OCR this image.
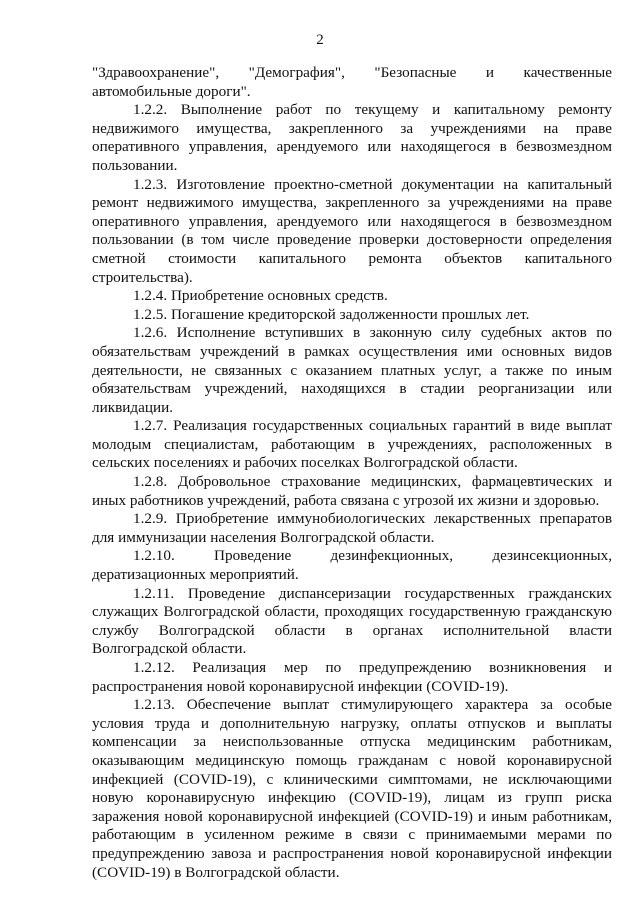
2

"Здравоохранение", "Демография", "Безопасные и качественные автомобильные дороги".

1.2.2. Выполнение работ по текущему и капитальному ремонту недвижимого имущества, закрепленного за учреждениями на праве оперативного управления, арендуемого или находящегося в безвозмездном пользовании.

1.2.3. Изготовление проектно-сметной документации на капитальный ремонт недвижимого имущества, закрепленного за учреждениями на праве оперативного управления, арендуемого или находящегося в безвозмездном пользовании (в том числе проведение проверки достоверности определения сметной стоимости капитального ремонта объектов капитального строительства).

1.2.4. Приобретение основных средств.

1.2.5. Погашение кредиторской задолженности прошлых лет.

1.2.6. Исполнение вступивших в законную силу судебных актов по обязательствам учреждений в рамках осуществления ими основных видов деятельности, не связанных с оказанием платных услуг, а также по иным обязательствам учреждений, находящихся в стадии реорганизации или ликвидации.

1.2.7. Реализация государственных социальных гарантий в виде выплат молодым специалистам, работающим в учреждениях, расположенных в сельских поселениях и рабочих поселках Волгоградской области.

1.2.8. Добровольное страхование медицинских, фармацевтических и иных работников учреждений, работа связана с угрозой их жизни и здоровью.

1.2.9. Приобретение иммунобиологических лекарственных препаратов для иммунизации населения Волгоградской области.

1.2.10. Проведение дезинфекционных, дезинсекционных, дератизационных мероприятий.

1.2.11. Проведение диспансеризации государственных гражданских служащих Волгоградской области, проходящих государственную гражданскую службу Волгоградской области в органах исполнительной власти Волгоградской области.

1.2.12. Реализация мер по предупреждению возникновения и распространения новой коронавирусной инфекции (COVID-19).

1.2.13. Обеспечение выплат стимулирующего характера за особые условия труда и дополнительную нагрузку, оплаты отпусков и выплаты компенсации за неиспользованные отпуска медицинским работникам, оказывающим медицинскую помощь гражданам с новой коронавирусной инфекцией (COVID-19), с клиническими симптомами, не исключающими новую коронавирусную инфекцию (COVID-19), лицам из групп риска заражения новой коронавирусной инфекцией (COVID-19) и иным работникам, работающим в усиленном режиме в связи с принимаемыми мерами по предупреждению завоза и распространения новой коронавирусной инфекции (COVID-19) в Волгоградской области.
